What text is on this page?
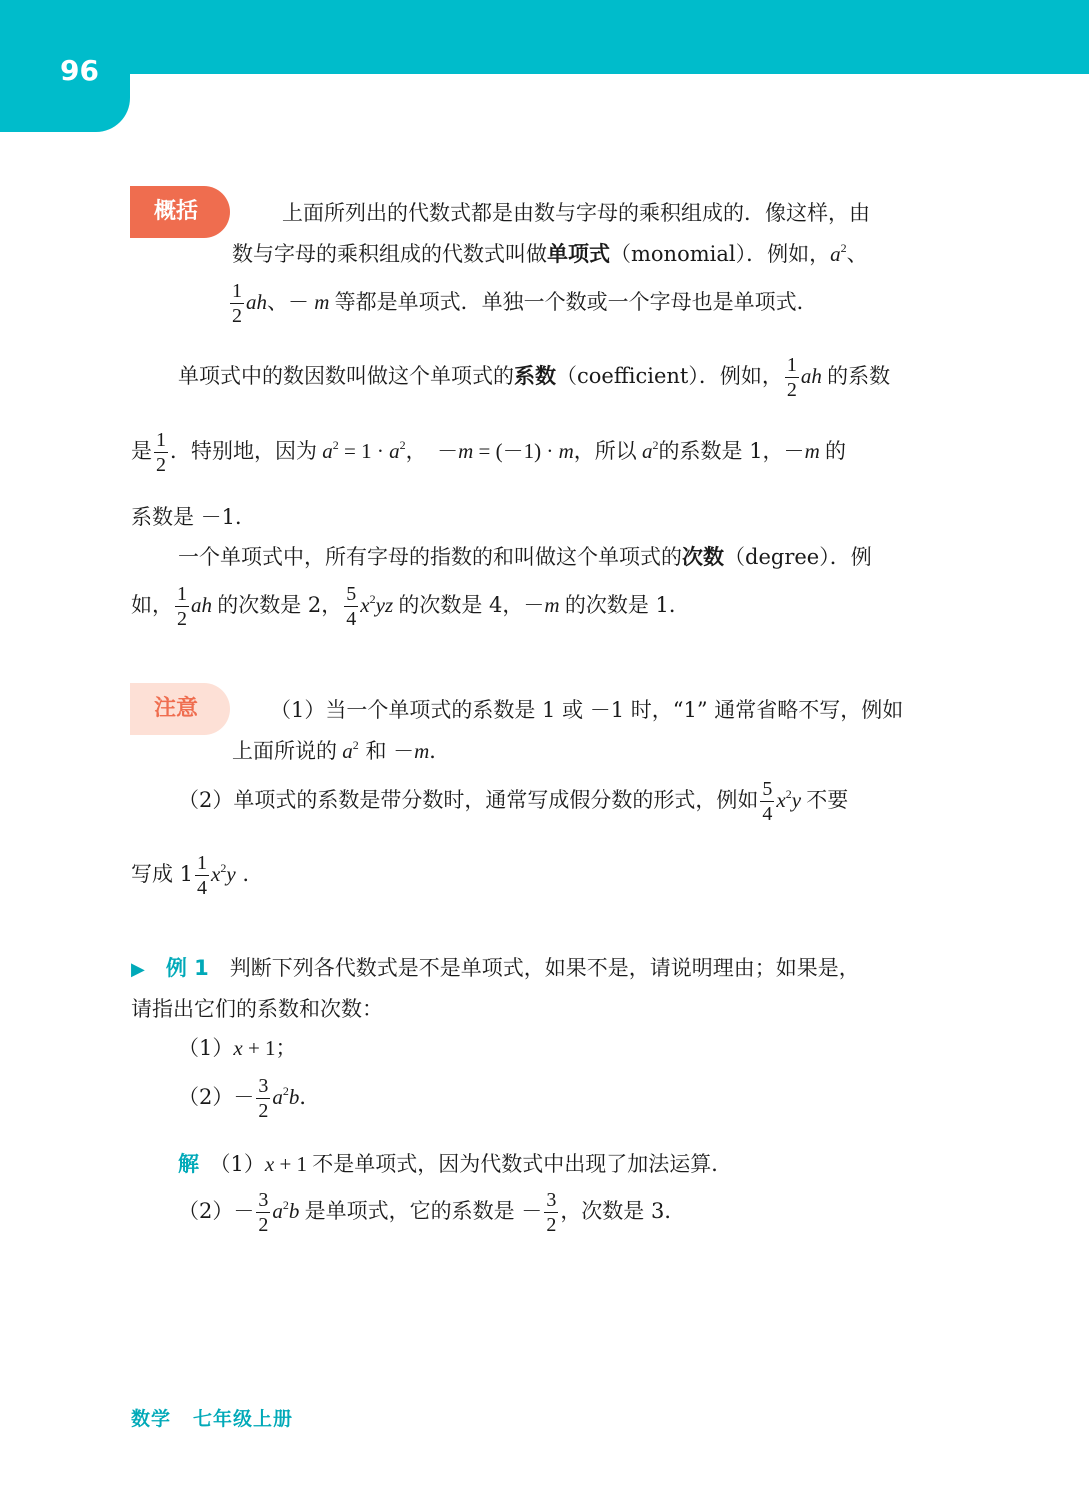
96
概括	上面所列出的代数式都是由数与字母的乘积组成的．像这样，由
数与字母的乘积组成的代数式叫做单项式（monomial）．例如，$a^2$、
$\frac{1}{2}$ ah、－ m 等都是单项式．单独一个数或一个字母也是单项式．
单项式中的数因数叫做这个单项式的系数（coefficient）．例如， $\frac{1}{2}$ ah 的系数
是 $\frac{1}{2}$ ．特别地，因为 $a^2 = 1 \cdot a^2$，　－m = (－1) · m，所以 $a^2$的系数是 1，－m 的
系数是 －1．
一个单项式中，所有字母的指数的和叫做这个单项式的次数（degree）．例
如， $\frac{1}{2}$ ah 的次数是 2， $\frac{5}{4} x^2yz$ 的次数是 4，－m 的次数是 1．
注意	（1）当一个单项式的系数是 1 或 －1 时，“1” 通常省略不写，例如
上面所说的 $a^2$ 和 －m．
（2）单项式的系数是带分数时，通常写成假分数的形式，例如 $\frac{5}{4} x^2y$ 不要
写成 $1 \frac{1}{4} x^2y$ .
▶　 例 1　 判断下列各代数式是不是单项式，如果不是，请说明理由；如果是，
请指出它们的系数和次数：
（1）x + 1；
$(2)- \frac{3}{2} a^2b$．
解　 （1）x + 1 不是单项式，因为代数式中出现了加法运算．
$(2)- \frac{3}{2} a^2b$ 是单项式，它的系数是 － $\frac{3}{2}$ ，次数是 3．
数学 七年级上册
